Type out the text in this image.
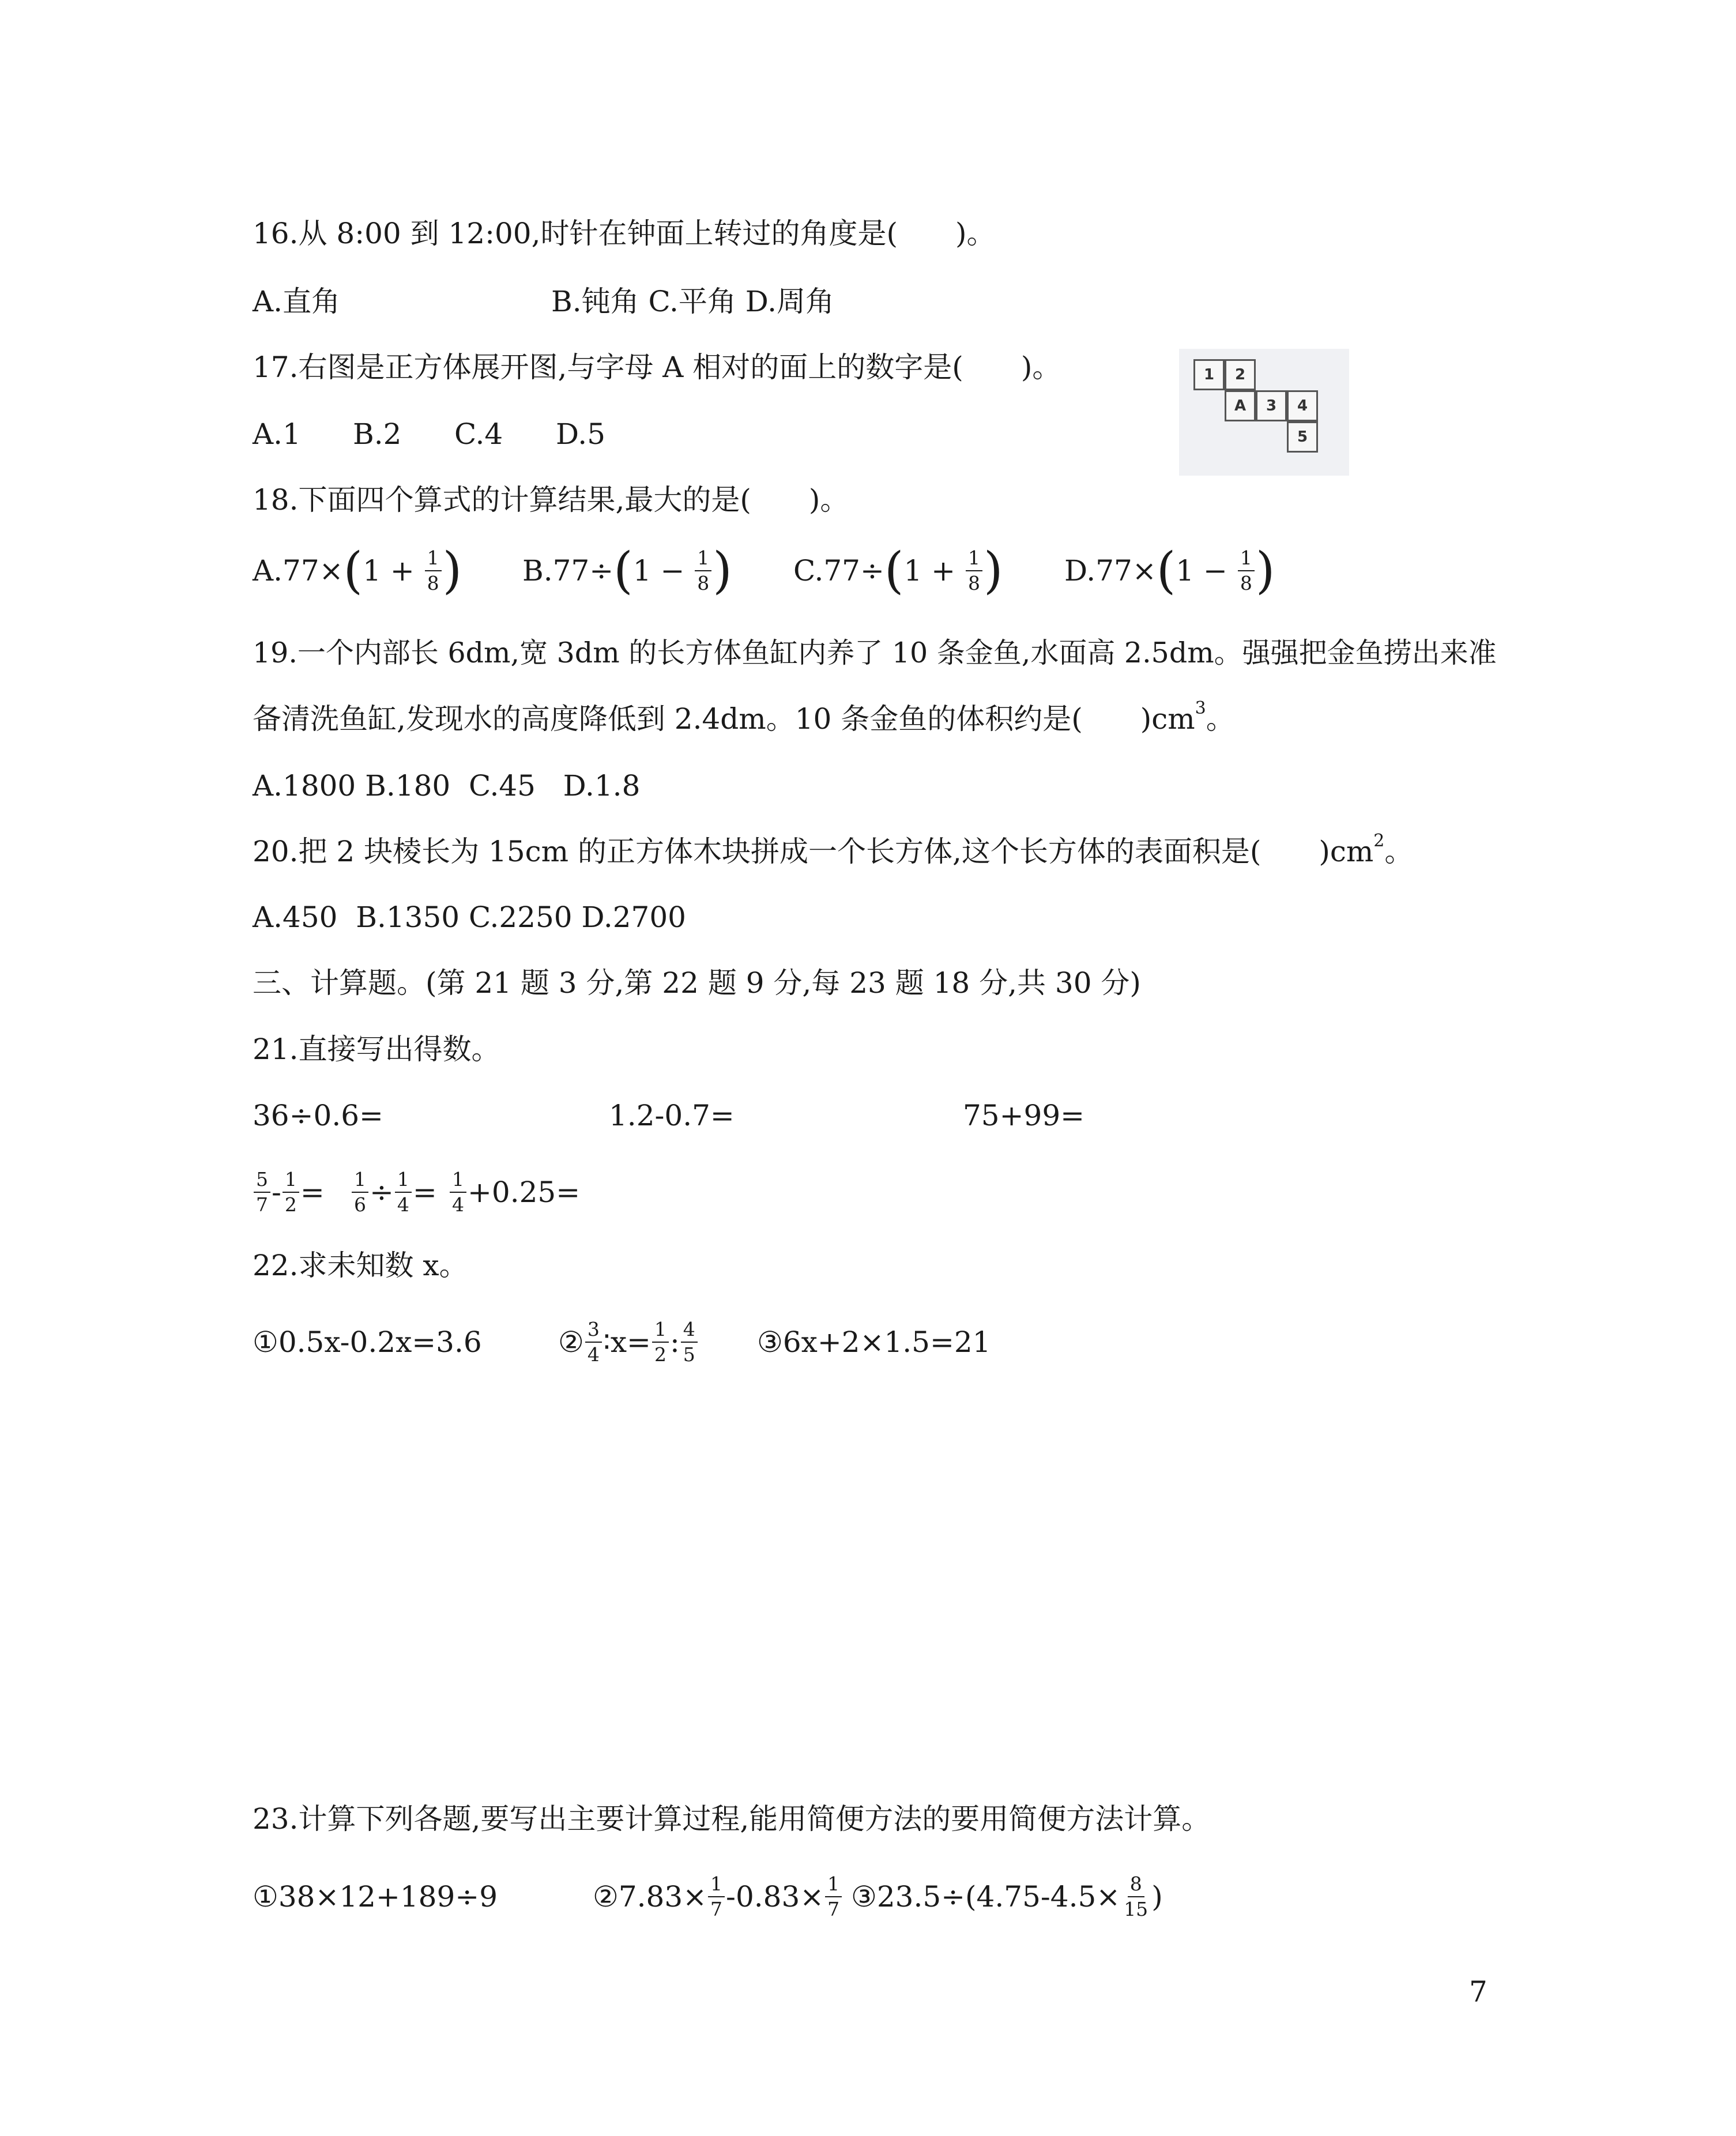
16.从 8:00 到 12:00,时针在钟面上转过的角度是( )。
A.直角	B.钝角 C.平角 D.周角
17.右图是正方体展开图,与字母 A 相对的面上的数字是( )。
A.1 B.2 C.4 D.5
1	2
A	3	4
5
18.下面四个算式的计算结果,最大的是( )。
A.77× ( 1
+
$\frac{1}{8}$ ) B.77÷ ( 1
−
$\frac{1}{8}$ ) C.77÷ ( 1
+
$\frac{1}{8}$ ) D.77× ( 1
−
$\frac{1}{8}$ )
19.一个内部长 6dm,宽 3dm 的长方体鱼缸内养了 10 条金鱼,水面高 2.5dm。强强把金鱼捞出来准
备清洗鱼缸,发现水的高度降低到 2.4dm。10 条金鱼的体积约是( )$cm^3$。
A.1800 B.180  C.45   D.1.8
20.把 2 块棱长为 15cm 的正方体木块拼成一个长方体,这个长方体的表面积是( )$cm^2$。
A.450  B.1350 C.2250 D.2700
三、计算题。(第 21 题 3 分,第 22 题 9 分,每 23 题 18 分,共 30 分)
21.直接写出得数。
36÷0.6=	1.2-0.7=	75+99=
$\frac{5}{7} - \frac{1}{2} = \frac{1}{6} \div \frac{1}{4} = \frac{1}{4} +0.25=$
22.求未知数 x。
①0.5x-0.2x=3.6	② $\frac{3}{4}$ ∶x= $\frac{1}{2}$ : $\frac{4}{5}$ ③6x+2×1.5=21
23.计算下列各题,要写出主要计算过程,能用简便方法的要用简便方法计算。
①38×12+189÷9	②7.83× $\frac{1}{7} -0.83\times \frac{1}{7}$ ③23.5÷(4.75-4.5× $\frac{8}{15}$ )
7
